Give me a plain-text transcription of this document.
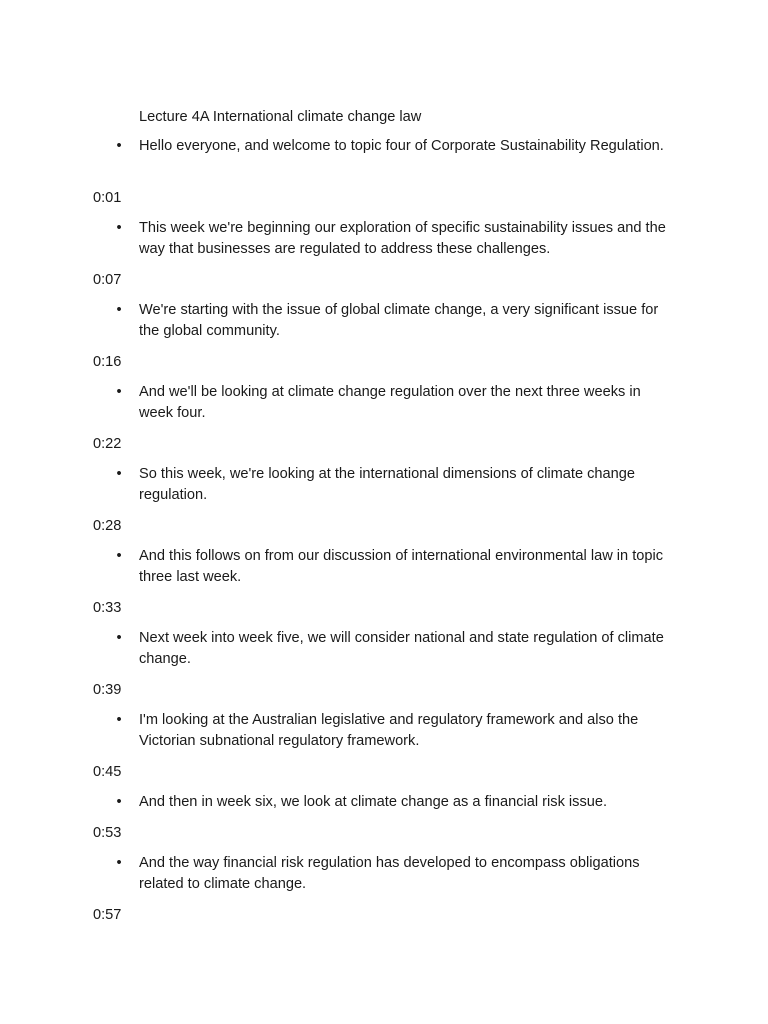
Lecture 4A International climate change law
• Hello everyone, and welcome to topic four of Corporate Sustainability Regulation.
0:01
• This week we're beginning our exploration of specific sustainability issues and the way that businesses are regulated to address these challenges.
0:07
• We're starting with the issue of global climate change, a very significant issue for the global community.
0:16
• And we'll be looking at climate change regulation over the next three weeks in week four.
0:22
• So this week, we're looking at the international dimensions of climate change regulation.
0:28
• And this follows on from our discussion of international environmental law in topic three last week.
0:33
• Next week into week five, we will consider national and state regulation of climate change.
0:39
• I'm looking at the Australian legislative and regulatory framework and also the Victorian subnational regulatory framework.
0:45
• And then in week six, we look at climate change as a financial risk issue.
0:53
• And the way financial risk regulation has developed to encompass obligations related to climate change.
0:57
